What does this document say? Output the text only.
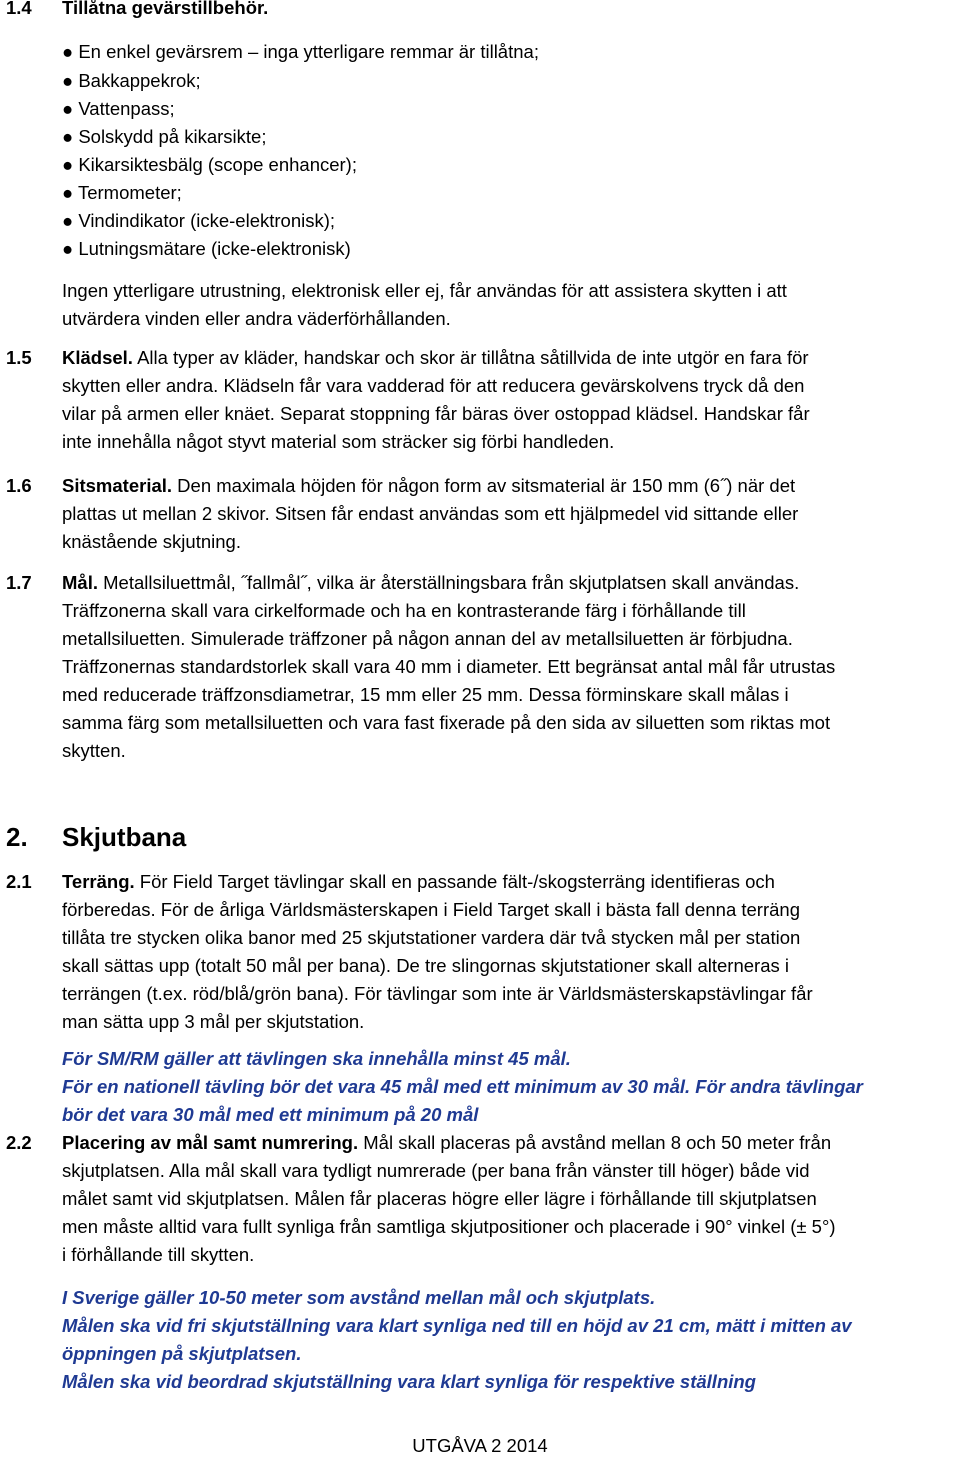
1.4 Tillåtna gevärstillbehör.
● En enkel gevärsrem – inga ytterligare remmar är tillåtna;
● Bakkappekrok;
● Vattenpass;
● Solskydd på kikarsikte;
● Kikarsiktesbälg (scope enhancer);
● Termometer;
● Vindindikator (icke-elektronisk);
● Lutningsmätare (icke-elektronisk)
Ingen ytterligare utrustning, elektronisk eller ej, får användas för att assistera skytten i att
utvärdera vinden eller andra väderförhållanden.
1.5 Klädsel. Alla typer av kläder, handskar och skor är tillåtna såtillvida de inte utgör en fara för
skytten eller andra. Klädseln får vara vadderad för att reducera gevärskolvens tryck då den
vilar på armen eller knäet. Separat stoppning får bäras över ostoppad klädsel. Handskar får
inte innehålla något styvt material som sträcker sig förbi handleden.
1.6 Sitsmaterial. Den maximala höjden för någon form av sitsmaterial är 150 mm (6˝) när det
plattas ut mellan 2 skivor. Sitsen får endast användas som ett hjälpmedel vid sittande eller
knästående skjutning.
1.7 Mål. Metallsiluettmål, ˝fallmål˝, vilka är återställningsbara från skjutplatsen skall användas.
Träffzonerna skall vara cirkelformade och ha en kontrasterande färg i förhållande till
metallsiluetten. Simulerade träffzoner på någon annan del av metallsiluetten är förbjudna.
Träffzonernas standardstorlek skall vara 40 mm i diameter. Ett begränsat antal mål får utrustas
med reducerade träffzonsdiametrar, 15 mm eller 25 mm. Dessa förminskare skall målas i
samma färg som metallsiluetten och vara fast fixerade på den sida av siluetten som riktas mot
skytten.
2. Skjutbana
2.1 Terräng. För Field Target tävlingar skall en passande fält-/skogsterräng identifieras och
förberedas. För de årliga Världsmästerskapen i Field Target skall i bästa fall denna terräng
tillåta tre stycken olika banor med 25 skjutstationer vardera där två stycken mål per station
skall sättas upp (totalt 50 mål per bana). De tre slingornas skjutstationer skall alterneras i
terrängen (t.ex. röd/blå/grön bana). För tävlingar som inte är Världsmästerskapstävlingar får
man sätta upp 3 mål per skjutstation.
För SM/RM gäller att tävlingen ska innehålla minst 45 mål.
För en nationell tävling bör det vara 45 mål med ett minimum av 30 mål. För andra tävlingar
bör det vara 30 mål med ett minimum på 20 mål
2.2 Placering av mål samt numrering. Mål skall placeras på avstånd mellan 8 och 50 meter från
skjutplatsen. Alla mål skall vara tydligt numrerade (per bana från vänster till höger) både vid
målet samt vid skjutplatsen. Målen får placeras högre eller lägre i förhållande till skjutplatsen
men måste alltid vara fullt synliga från samtliga skjutpositioner och placerade i 90° vinkel (± 5°)
i förhållande till skytten.
I Sverige gäller 10-50 meter som avstånd mellan mål och skjutplats.
Målen ska vid fri skjutställning vara klart synliga ned till en höjd av 21 cm, mätt i mitten av
öppningen på skjutplatsen.
Målen ska vid beordrad skjutställning vara klart synliga för respektive ställning
UTGÅVA 2 2014
